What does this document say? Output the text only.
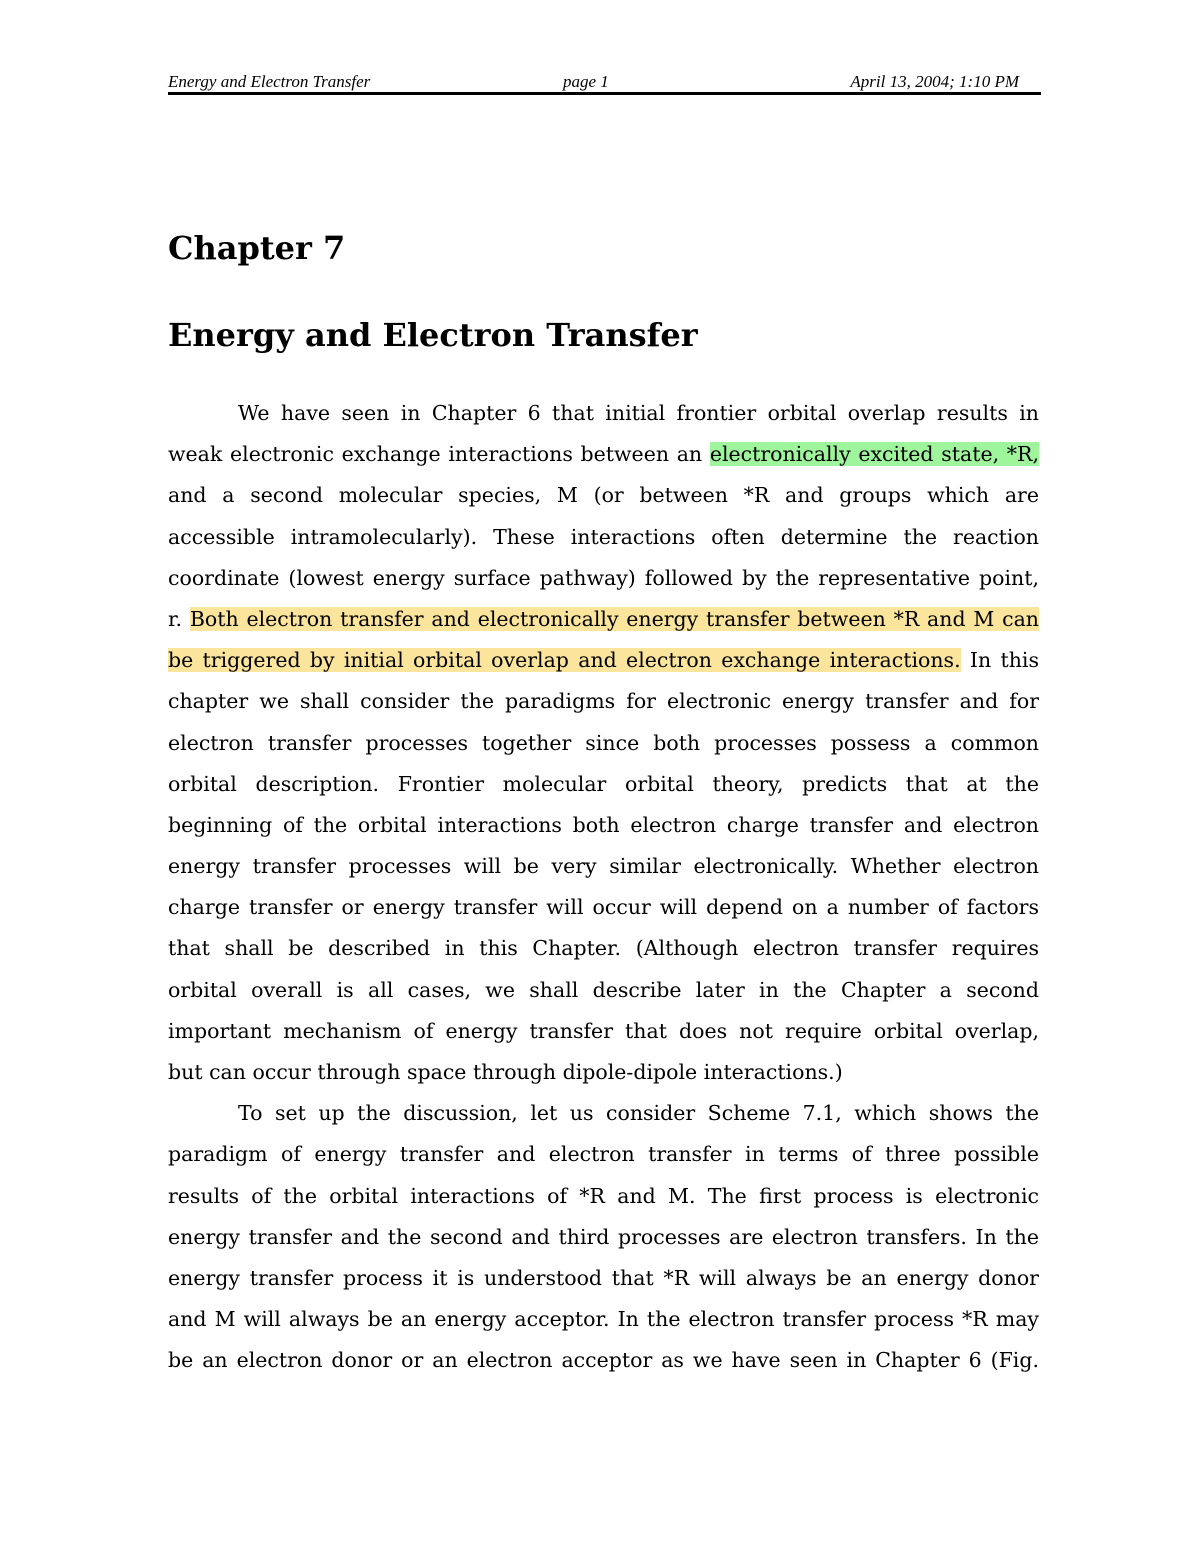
Energy and Electron Transfer	page 1	April 13, 2004; 1:10 PM
Chapter 7
Energy and Electron Transfer
We have seen in Chapter 6 that initial frontier orbital overlap results in
weak electronic exchange interactions between an electronically excited state, *R,
and a second molecular species, M (or between *R and groups which are
accessible intramolecularly). These interactions often determine the reaction
coordinate (lowest energy surface pathway) followed by the representative point,
r. Both electron transfer and electronically energy transfer between *R and M can
be triggered by initial orbital overlap and electron exchange interactions. In this
chapter we shall consider the paradigms for electronic energy transfer and for
electron transfer processes together since both processes possess a common
orbital description. Frontier molecular orbital theory, predicts that at the
beginning of the orbital interactions both electron charge transfer and electron
energy transfer processes will be very similar electronically. Whether electron
charge transfer or energy transfer will occur will depend on a number of factors
that shall be described in this Chapter. (Although electron transfer requires
orbital overall is all cases, we shall describe later in the Chapter a second
important mechanism of energy transfer that does not require orbital overlap,
but can occur through space through dipole-dipole interactions.)
To set up the discussion, let us consider Scheme 7.1, which shows the
paradigm of energy transfer and electron transfer in terms of three possible
results of the orbital interactions of *R and M. The first process is electronic
energy transfer and the second and third processes are electron transfers. In the
energy transfer process it is understood that *R will always be an energy donor
and M will always be an energy acceptor. In the electron transfer process *R may
be an electron donor or an electron acceptor as we have seen in Chapter 6 (Fig.
